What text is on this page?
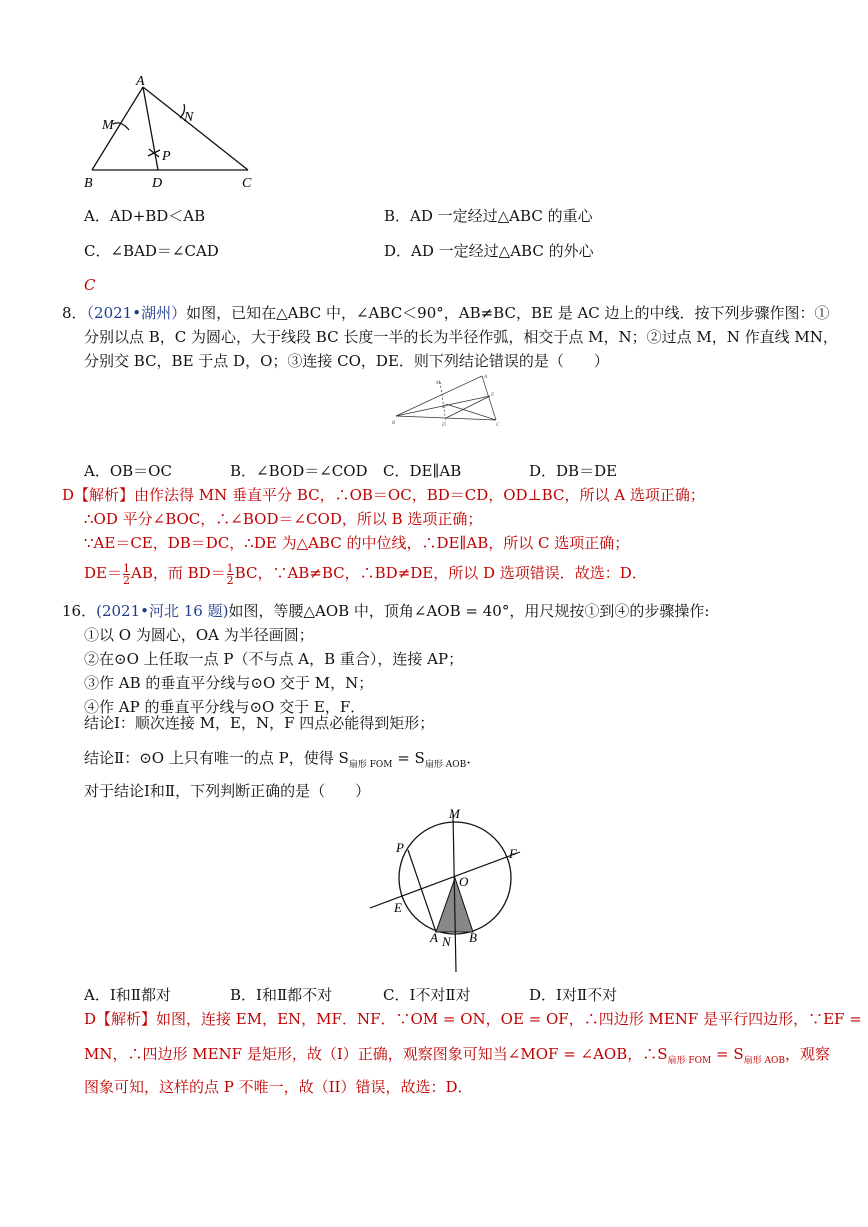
A
M
N
P
B	D	C
A．AD+BD＜AB	B．AD 一定经过△ABC 的重心
C．∠BAD＝∠CAD	D．AD 一定经过△ABC 的外心
C
8．（2021•湖州）如图，已知在△ABC 中，∠ABC＜90°，AB≠BC，BE 是 AC 边上的中线．按下列步骤作图：①
分别以点 B，C 为圆心，大于线段 BC 长度一半的长为半径作弧，相交于点 M，N；②过点 M，N 作直线 MN，
分别交 BC，BE 于点 D，O；③连接 CO，DE．则下列结论错误的是（　　）
M
A
E
O
B	D	C
A．OB＝OC	B．∠BOD＝∠COD C．DE∥AB	D．DB＝DE
D【解析】由作法得 MN 垂直平分 BC，∴OB＝OC，BD＝CD，OD⊥BC，所以 A 选项正确；
∴OD 平分∠BOC，∴∠BOD＝∠COD，所以 B 选项正确；
∵AE＝CE，DB＝DC，∴DE 为△ABC 的中位线，∴DE∥AB，所以 C 选项正确；
$DE= \frac{1}{2}$ AB，而 $BD= \frac{1}{2}$ BC，∵AB≠BC，∴BD≠DE，所以 D 选项错误．故选：D．
16．(2021•河北 16 题)如图，等腰△AOB 中，顶角∠AOB = 40°，用尺规按①到④的步骤操作:
①以 O 为圆心，OA 为半径画圆；
②在⊙O 上任取一点 P（不与点 A，B 重合），连接 AP；
③作 AB 的垂直平分线与⊙O 交于 M，N；
④作 AP 的垂直平分线与⊙O 交于 E，F．
结论Ⅰ：顺次连接 M，E，N，F 四点必能得到矩形；
结论Ⅱ：⊙O 上只有唯一的点 P，使得 $S_{扇形 FOM} = S_{扇形 AOB}$．
对于结论Ⅰ和Ⅱ，下列判断正确的是（　　）
M
P	F
O
E
A N B
A．Ⅰ和Ⅱ都对	B．Ⅰ和Ⅱ都不对	C．Ⅰ不对Ⅱ对	D．Ⅰ对Ⅱ不对
D【解析】如图，连接 EM，EN，MF．NF．∵OM = ON，OE = OF，∴四边形 MENF 是平行四边形，∵EF =
MN，∴四边形 MENF 是矩形，故（I）正确，观察图象可知当∠MOF = ∠AOB，$\therefore S_{扇形 FOM} = S_{扇形 AOB}$，观察
图象可知，这样的点 P 不唯一，故（II）错误，故选：D．
